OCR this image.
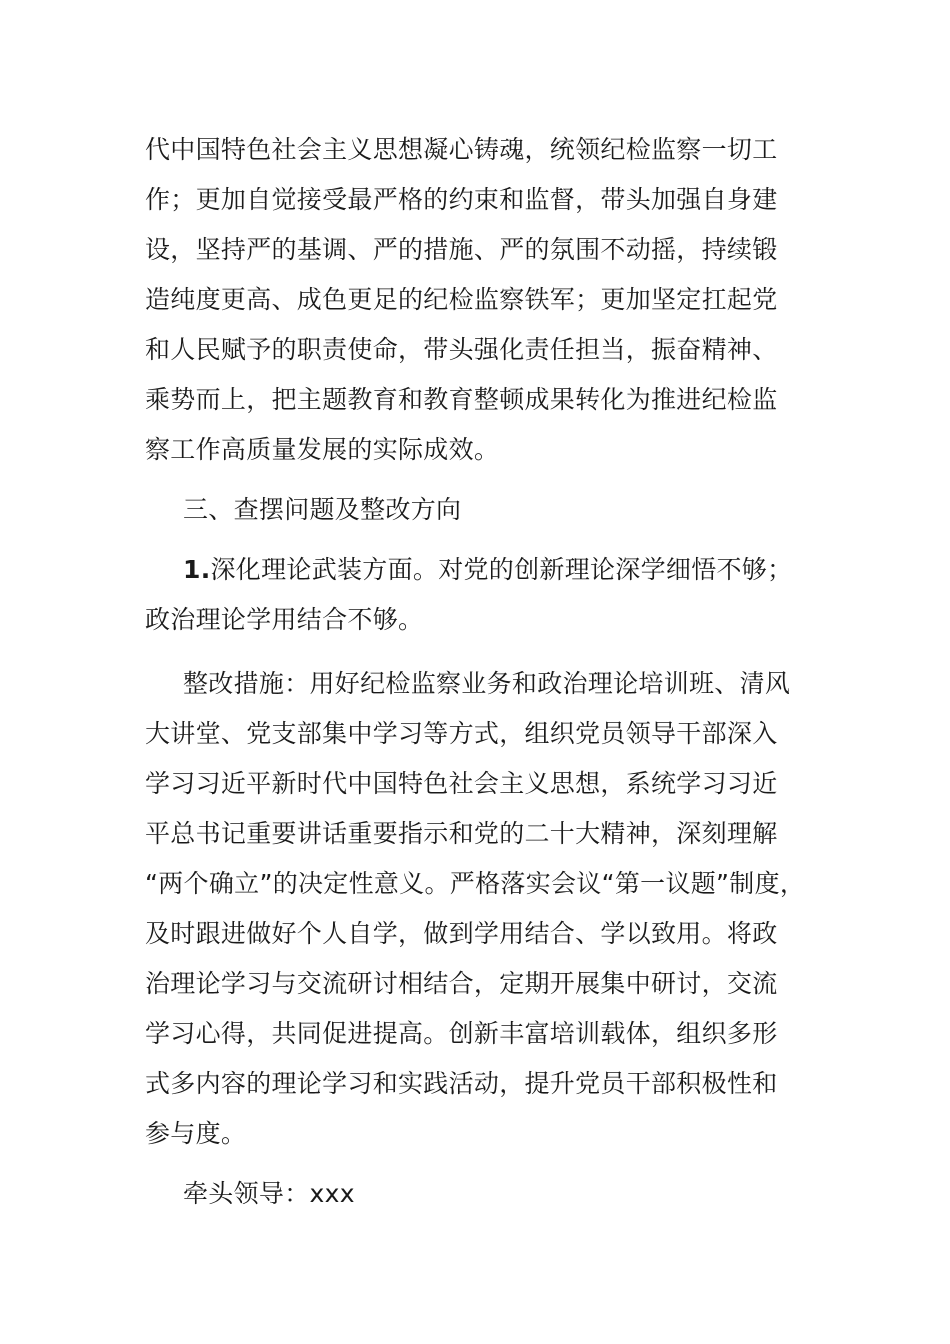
代中国特色社会主义思想凝心铸魂，统领纪检监察一切工
作；更加自觉接受最严格的约束和监督，带头加强自身建
设，坚持严的基调、严的措施、严的氛围不动摇，持续锻
造纯度更高、成色更足的纪检监察铁军；更加坚定扛起党
和人民赋予的职责使命，带头强化责任担当，振奋精神、
乘势而上，把主题教育和教育整顿成果转化为推进纪检监
察工作高质量发展的实际成效。
三、查摆问题及整改方向
1.深化理论武装方面。对党的创新理论深学细悟不够；
政治理论学用结合不够。
整改措施：用好纪检监察业务和政治理论培训班、清风
大讲堂、党支部集中学习等方式，组织党员领导干部深入
学习习近平新时代中国特色社会主义思想，系统学习习近
平总书记重要讲话重要指示和党的二十大精神，深刻理解
“两个确立”的决定性意义。严格落实会议“第一议题”制度，
及时跟进做好个人自学，做到学用结合、学以致用。将政
治理论学习与交流研讨相结合，定期开展集中研讨，交流
学习心得，共同促进提高。创新丰富培训载体，组织多形
式多内容的理论学习和实践活动，提升党员干部积极性和
参与度。
牵头领导：xxx
